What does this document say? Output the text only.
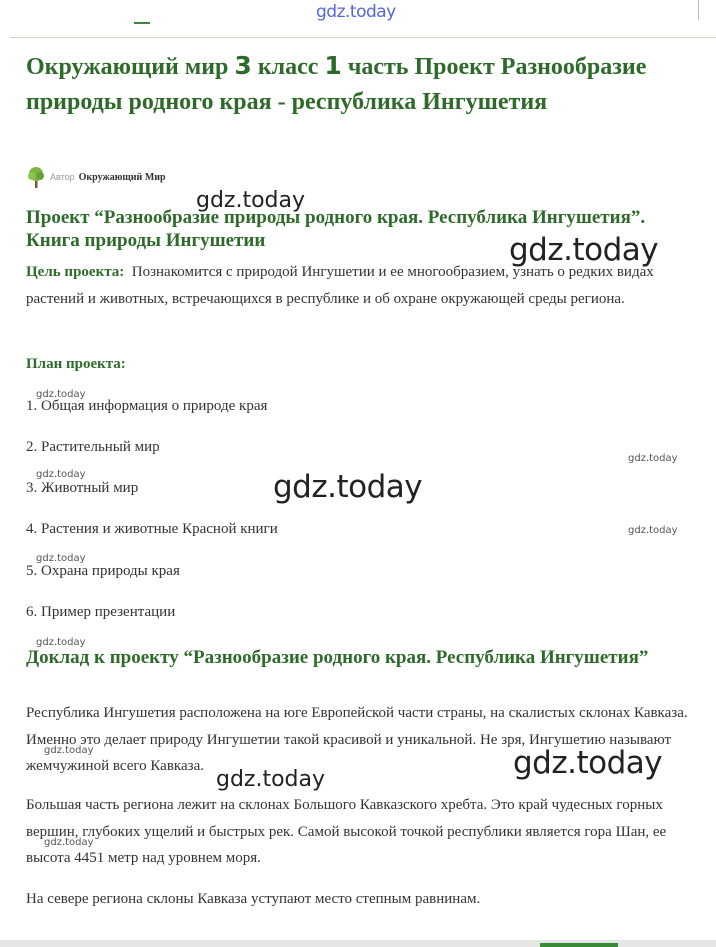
gdz.today
Окружающий мир 3 класс 1 часть Проект Разнообразие природы родного края - республика Ингушетия
Автор Окружающий Мир
Проект “Разнообразие природы родного края. Республика Ингушетия”. Книга природы Ингушетии

Цель проекта: Познакомится с природой Ингушетии и ее многообразием, узнать о редких видах растений и животных, встречающихся в республике и об охране окружающей среды региона.

План проекта:
1. Общая информация о природе края
2. Растительный мир
3. Животный мир
4. Растения и животные Красной книги
5. Охрана природы края
6. Пример презентации
Доклад к проекту “Разнообразие родного края. Республика Ингушетия”

Республика Ингушетия расположена на юге Европейской части страны, на скалистых склонах Кавказа. Именно это делает природу Ингушетии такой красивой и уникальной. Не зря, Ингушетию называют жемчужиной всего Кавказа.

Большая часть региона лежит на склонах Большого Кавказского хребта. Это край чудесных горных вершин, глубоких ущелий и быстрых рек. Самой высокой точкой республики является гора Шан, ее высота 4451 метр над уровнем моря.

На севере региона склоны Кавказа уступают место степным равнинам.

gdz.today
gdz.today
gdz.today
gdz.today
gdz.today	gdz.today
gdz.today
gdz.today
gdz.today
gdz.today	gdz.today
gdz.today
gdz.today
